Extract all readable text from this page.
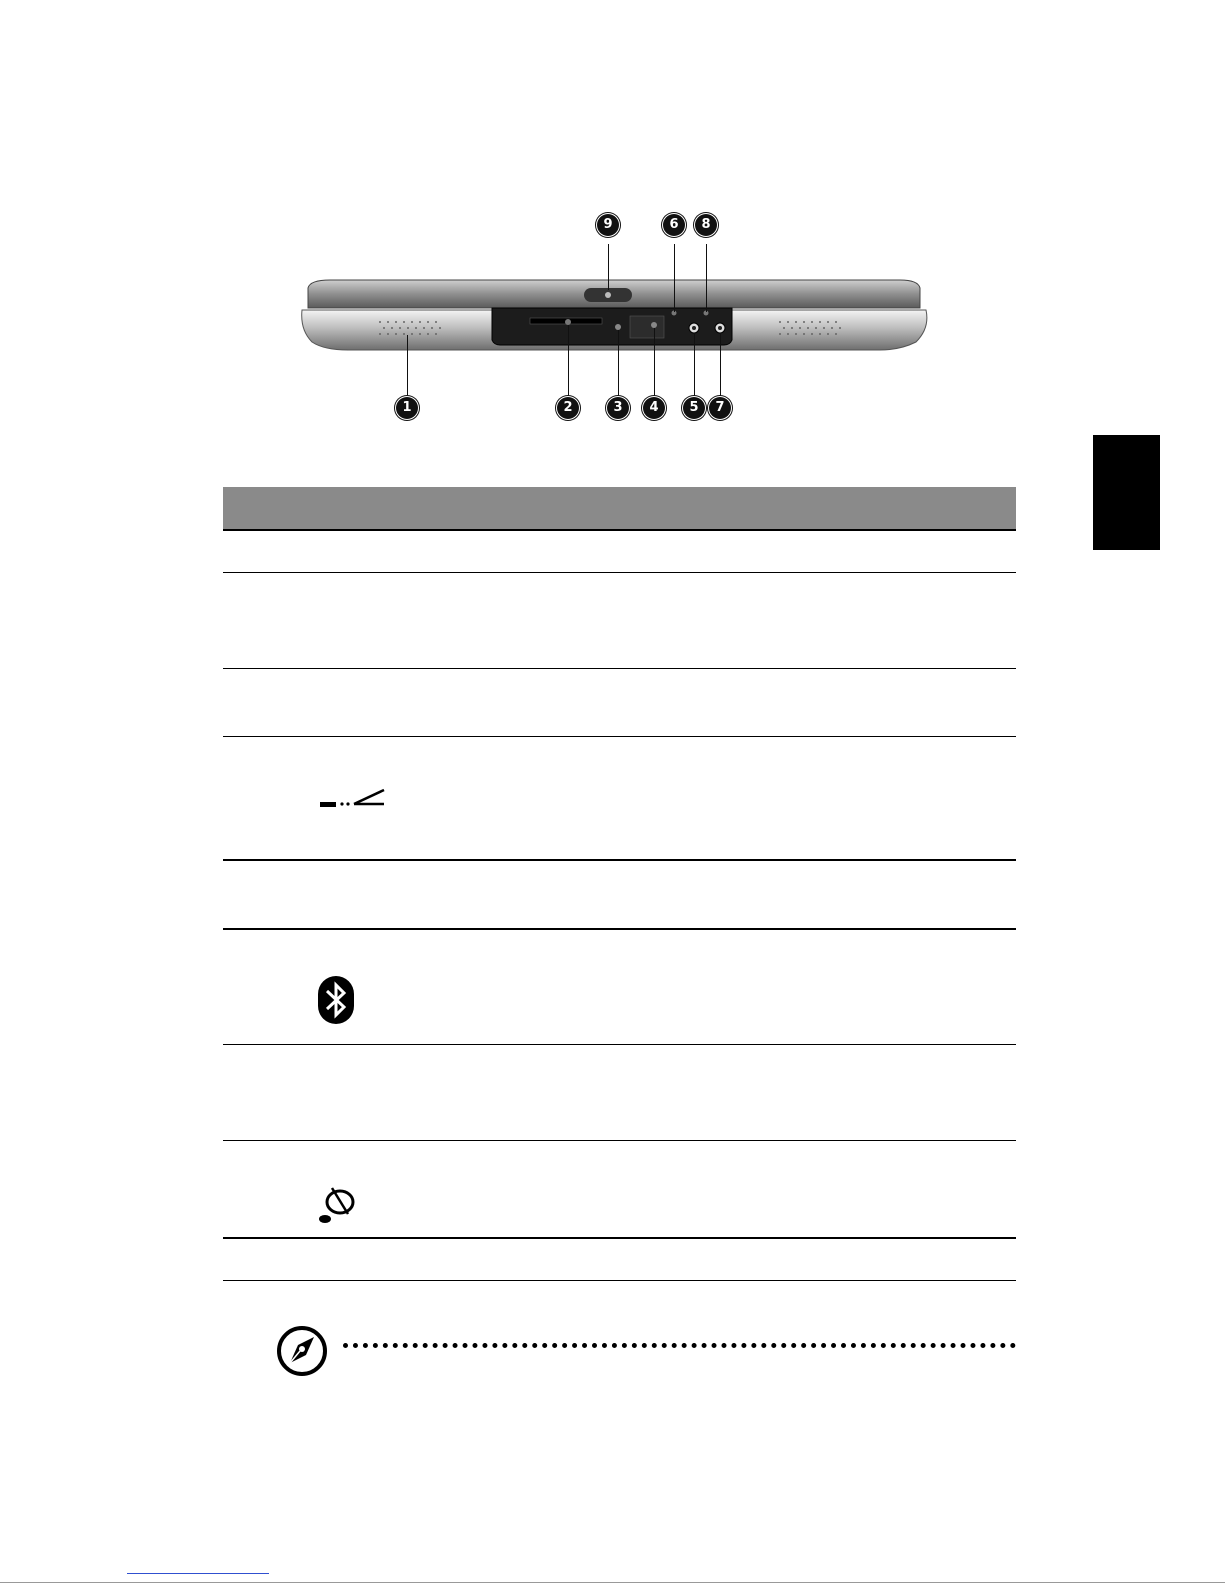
1	2	3	4	5
6
7
8
9
